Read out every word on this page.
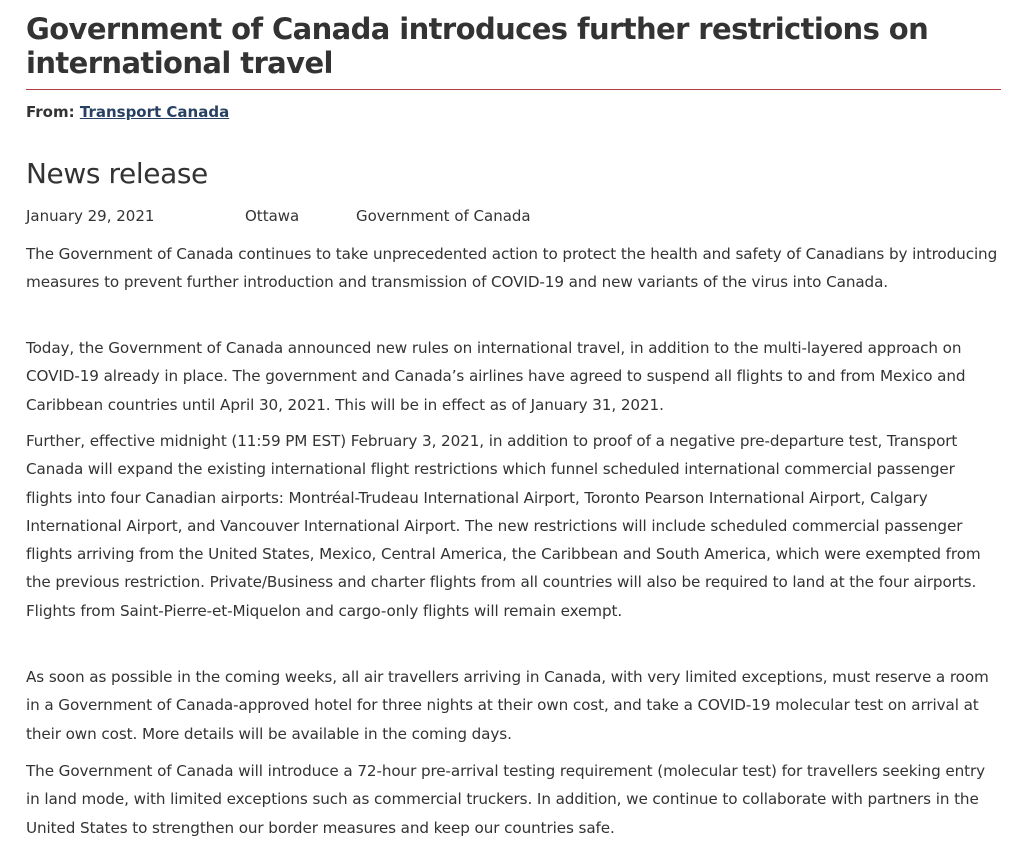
Government of Canada introduces further restrictions on international travel
From: Transport Canada
News release
January 29, 2021	Ottawa	Government of Canada

The Government of Canada continues to take unprecedented action to protect the health and safety of Canadians by introducing measures to prevent further introduction and transmission of COVID-19 and new variants of the virus into Canada.

Today, the Government of Canada announced new rules on international travel, in addition to the multi-layered approach on COVID-19 already in place. The government and Canada’s airlines have agreed to suspend all flights to and from Mexico and Caribbean countries until April 30, 2021. This will be in effect as of January 31, 2021.

Further, effective midnight (11:59 PM EST) February 3, 2021, in addition to proof of a negative pre-departure test, Transport Canada will expand the existing international flight restrictions which funnel scheduled international commercial passenger flights into four Canadian airports: Montréal-Trudeau International Airport, Toronto Pearson International Airport, Calgary International Airport, and Vancouver International Airport. The new restrictions will include scheduled commercial passenger flights arriving from the United States, Mexico, Central America, the Caribbean and South America, which were exempted from the previous restriction. Private/Business and charter flights from all countries will also be required to land at the four airports. Flights from Saint-Pierre-et-Miquelon and cargo-only flights will remain exempt.

As soon as possible in the coming weeks, all air travellers arriving in Canada, with very limited exceptions, must reserve a room in a Government of Canada-approved hotel for three nights at their own cost, and take a COVID-19 molecular test on arrival at their own cost. More details will be available in the coming days.

The Government of Canada will introduce a 72-hour pre-arrival testing requirement (molecular test) for travellers seeking entry in land mode, with limited exceptions such as commercial truckers. In addition, we continue to collaborate with partners in the United States to strengthen our border measures and keep our countries safe.
